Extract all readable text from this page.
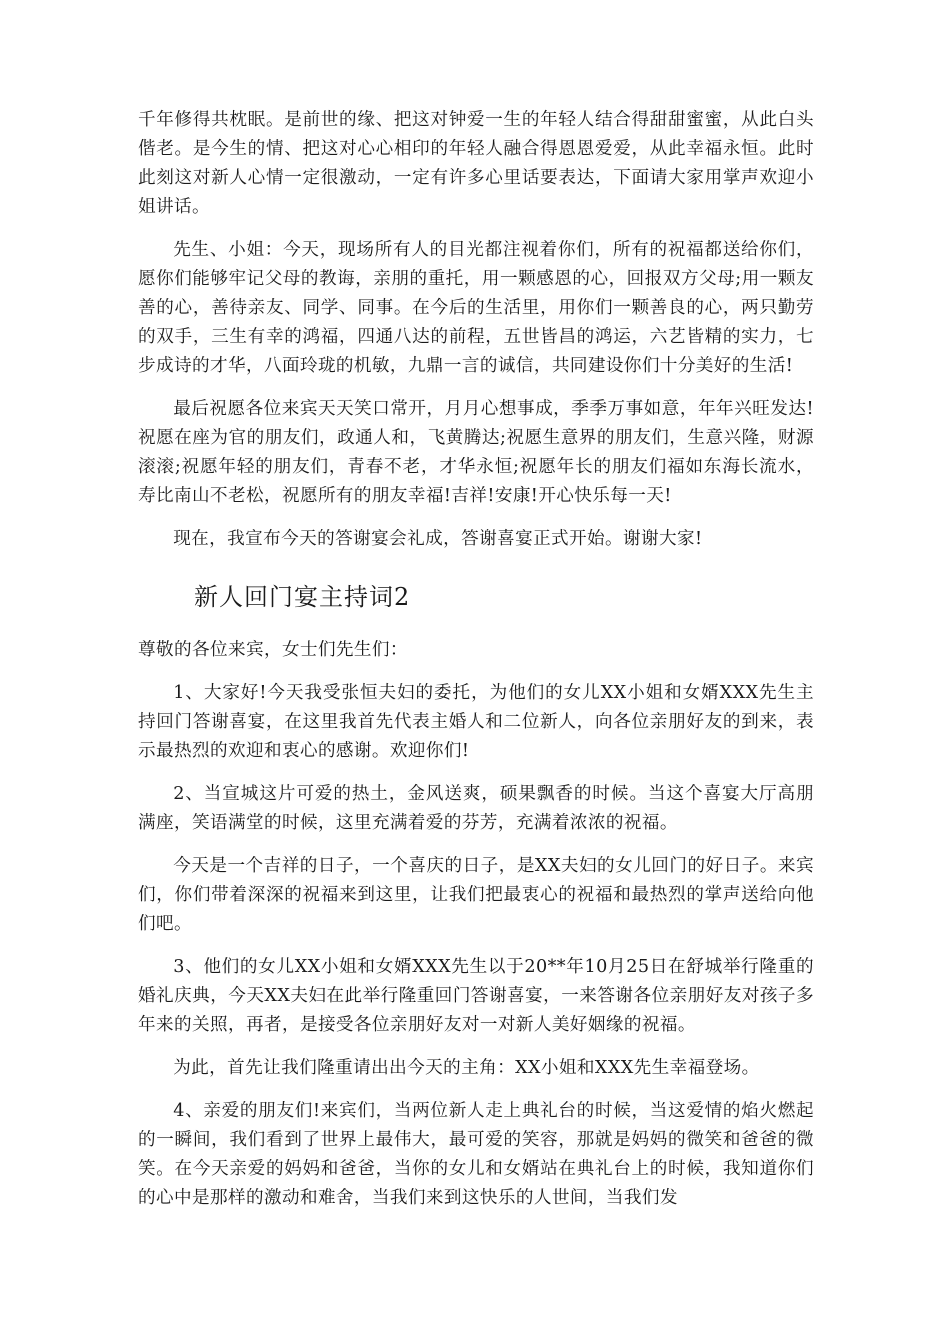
千年修得共枕眠。是前世的缘、把这对钟爱一生的年轻人结合得甜甜蜜蜜，从此白头偕老。是今生的情、把这对心心相印的年轻人融合得恩恩爱爱，从此幸福永恒。此时此刻这对新人心情一定很激动，一定有许多心里话要表达，下面请大家用掌声欢迎小姐讲话。

先生、小姐：今天，现场所有人的目光都注视着你们，所有的祝福都送给你们，愿你们能够牢记父母的教诲，亲朋的重托，用一颗感恩的心，回报双方父母;用一颗友善的心，善待亲友、同学、同事。在今后的生活里，用你们一颗善良的心，两只勤劳的双手，三生有幸的鸿福，四通八达的前程，五世皆昌的鸿运，六艺皆精的实力，七步成诗的才华，八面玲珑的机敏，九鼎一言的诚信，共同建设你们十分美好的生活!

最后祝愿各位来宾天天笑口常开，月月心想事成，季季万事如意，年年兴旺发达!祝愿在座为官的朋友们，政通人和，飞黄腾达;祝愿生意界的朋友们，生意兴隆，财源滚滚;祝愿年轻的朋友们，青春不老，才华永恒;祝愿年长的朋友们福如东海长流水，寿比南山不老松，祝愿所有的朋友幸福!吉祥!安康!开心快乐每一天!

现在，我宣布今天的答谢宴会礼成，答谢喜宴正式开始。谢谢大家!

新人回门宴主持词2

尊敬的各位来宾，女士们先生们：

1、大家好!今天我受张恒夫妇的委托，为他们的女儿XX小姐和女婿XXX先生主持回门答谢喜宴，在这里我首先代表主婚人和二位新人，向各位亲朋好友的到来，表示最热烈的欢迎和衷心的感谢。欢迎你们!

2、当宣城这片可爱的热土，金风送爽，硕果飘香的时候。当这个喜宴大厅高朋满座，笑语满堂的时候，这里充满着爱的芬芳，充满着浓浓的祝福。

今天是一个吉祥的日子，一个喜庆的日子，是XX夫妇的女儿回门的好日子。来宾们，你们带着深深的祝福来到这里，让我们把最衷心的祝福和最热烈的掌声送给向他们吧。

3、他们的女儿XX小姐和女婿XXX先生以于20**年10月25日在舒城举行隆重的婚礼庆典，今天XX夫妇在此举行隆重回门答谢喜宴，一来答谢各位亲朋好友对孩子多年来的关照，再者，是接受各位亲朋好友对一对新人美好姻缘的祝福。

为此，首先让我们隆重请出出今天的主角：XX小姐和XXX先生幸福登场。

4、亲爱的朋友们!来宾们，当两位新人走上典礼台的时候，当这爱情的焰火燃起的一瞬间，我们看到了世界上最伟大，最可爱的笑容，那就是妈妈的微笑和爸爸的微笑。在今天亲爱的妈妈和爸爸，当你的女儿和女婿站在典礼台上的时候，我知道你们的心中是那样的激动和难舍，当我们来到这快乐的人世间，当我们发
